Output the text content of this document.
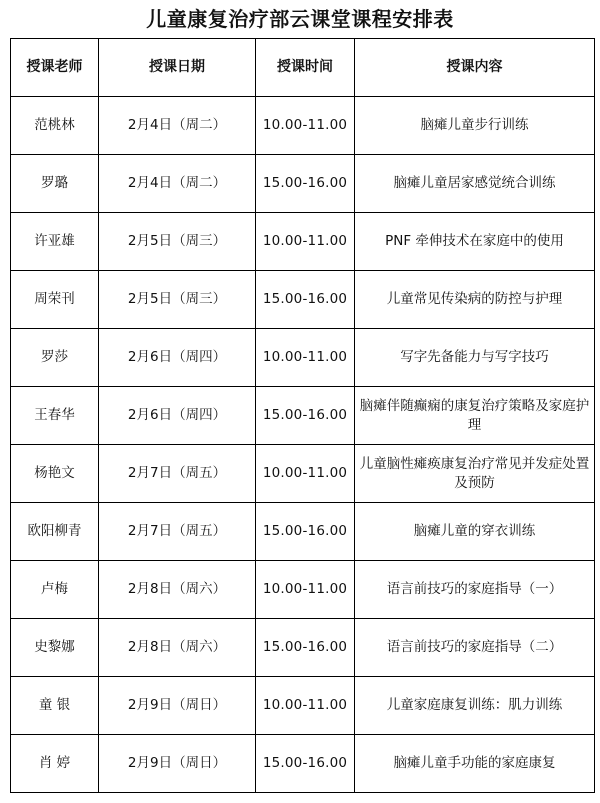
儿童康复治疗部云课堂课程安排表
授课老师	授课日期	授课时间	授课内容
范桃林	2月4日（周二）	10.00-11.00	脑瘫儿童步行训练
罗璐	2月4日（周二）	15.00-16.00	脑瘫儿童居家感觉统合训练
许亚雄	2月5日（周三）	10.00-11.00	PNF 牵伸技术在家庭中的使用
周荣刊	2月5日（周三）	15.00-16.00	儿童常见传染病的防控与护理
罗莎	2月6日（周四）	10.00-11.00	写字先备能力与写字技巧
王春华	2月6日（周四）	15.00-16.00	脑瘫伴随癫痫的康复治疗策略及家庭护理
杨艳文	2月7日（周五）	10.00-11.00	儿童脑性瘫痪康复治疗常见并发症处置及预防
欧阳柳青	2月7日（周五）	15.00-16.00	脑瘫儿童的穿衣训练
卢梅	2月8日（周六）	10.00-11.00	语言前技巧的家庭指导（一）
史黎娜	2月8日（周六）	15.00-16.00	语言前技巧的家庭指导（二）
童 银	2月9日（周日）	10.00-11.00	儿童家庭康复训练：肌力训练
肖 婷	2月9日（周日）	15.00-16.00	脑瘫儿童手功能的家庭康复
